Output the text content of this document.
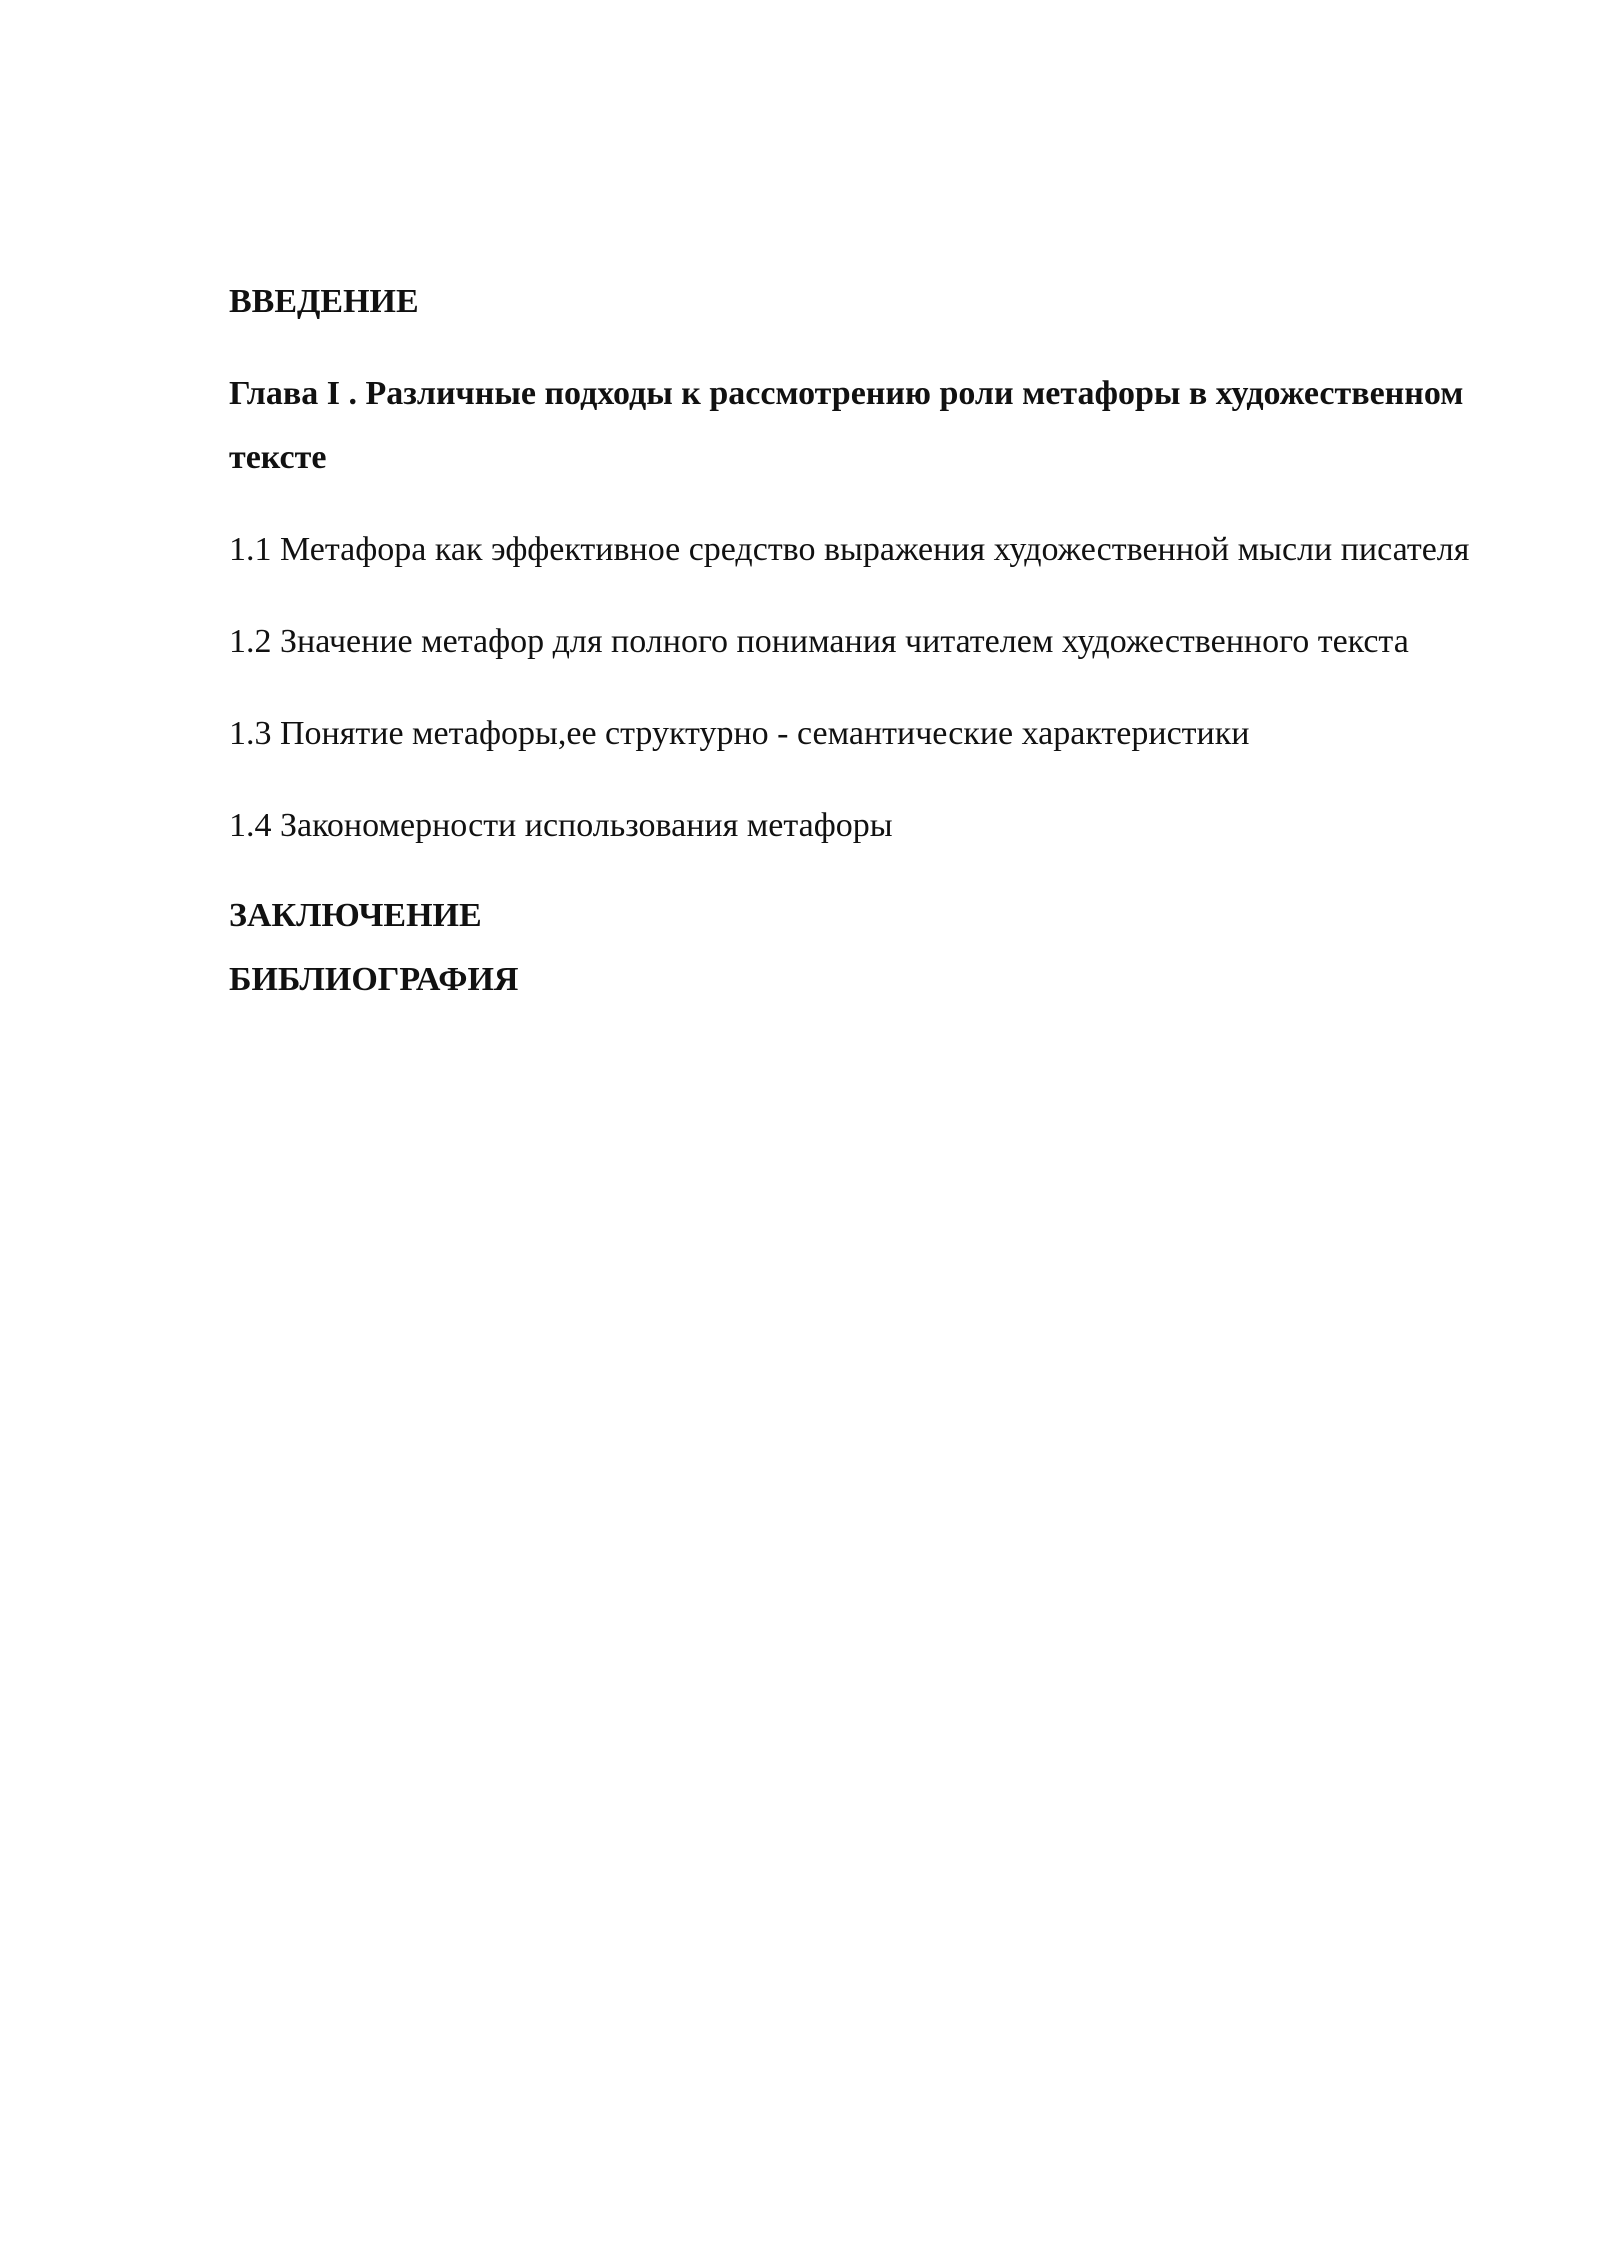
ВВЕДЕНИЕ

Глава I . Различные подходы к рассмотрению роли метафоры в художественном тексте

1.1 Метафора как эффективное средство выражения художественной мысли писателя

1.2 Значение метафор для полного понимания читателем художественного текста

1.3 Понятие метафоры,ее структурно - семантические характеристики

1.4 Закономерности использования метафоры

ЗАКЛЮЧЕНИЕ

БИБЛИОГРАФИЯ
